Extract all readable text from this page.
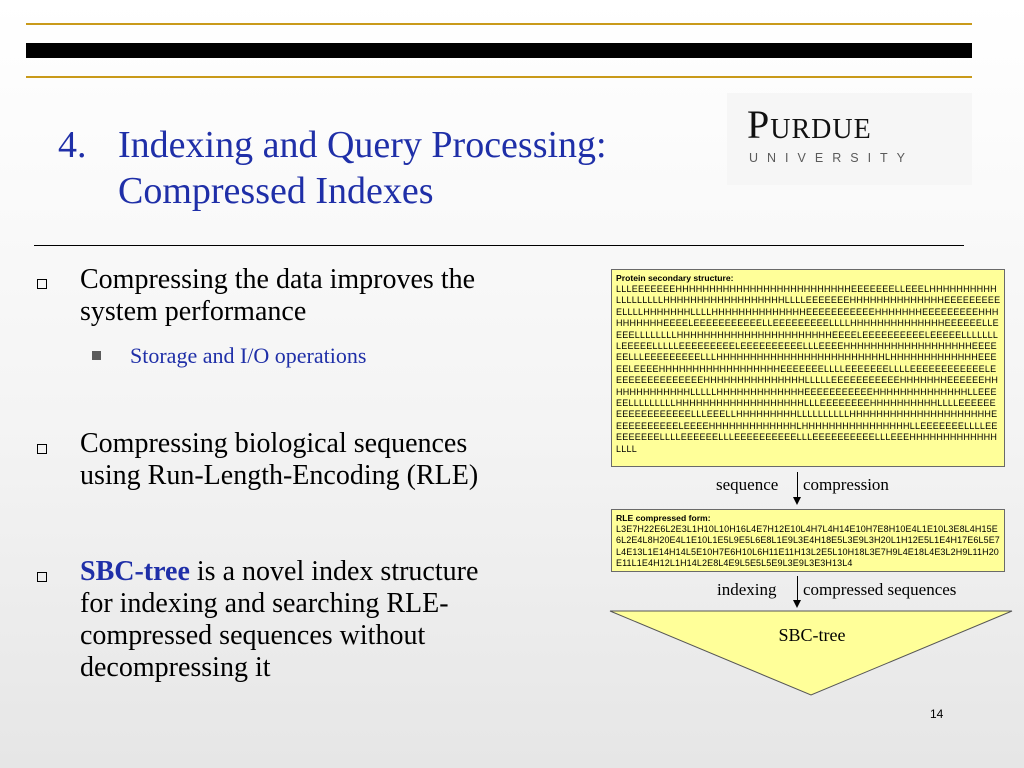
4. Indexing and Query Processing:
Compressed Indexes
Purdue
UNIVERSITY
Compressing the data improves the
system performance
Storage and I/O operations
Compressing biological sequences
using Run-Length-Encoding (RLE)
SBC-tree is a novel index structure
for indexing and searching RLE-
compressed sequences without
decompressing it
Protein secondary structure:
LLLEEEEEEEHHHHHHHHHHHHHHHHHHHHHHHHHHEEEEEEELLEEELHHHHHHHHHHLLLLLLLLLHHHHHHHHHHHHHHHHHHLLLLEEEEEEEHHHHHHHHHHHHHHEEEEEEEEEELLLLHHHHHHHLLLLHHHHHHHHHHHHHHEEEEEEEEEEEHHHHHHHEEEEEEEEEHHHHHHHHHHEEEELEEEEEEEEEEELLEEEEEEEEELLLLHHHHHHHHHHHHHHEEEEEELLEEEELLLLLLLLHHHHHHHHHHHHHHHHHHHHHHHEEEELEEEEEEEEEELEEEEELLLLLLLLEEEEELLLLLEEEEEEEEELEEEEEEEEEELLLEEEEHHHHHHHHHHHHHHHHHHHEEEEEELLLEEEEEEEEELLLHHHHHHHHHHHHHHHHHHHHHHHHHLHHHHHHHHHHHHHEEEEELEEEEHHHHHHHHHHHHHHHHHHEEEEEEELLLLEEEEEEELLLLEEEEEEEEEEEELEEEEEEEEEEEEEEEHHHHHHHHHHHHHHHLLLLLEEEEEEEEEEEHHHHHHHEEEEEEHHHHHHHHHHHHHLLLLLHHHHHHHHHHHHHEEEEEEEEEEEHHHHHHHHHHHHHHLLEEEEELLLLLLLLLHHHHHHHHHHHHHHHHHHHLLLEEEEEEEEHHHHHHHHHHLLLLEEEEEEEEEEEEEEEEEELLLEEELLHHHHHHHHHLLLLLLLLLLHHHHHHHHHHHHHHHHHHHHHEEEEEEEEEEELEEEEHHHHHHHHHHHHHLHHHHHHHHHHHHHHHHLLEEEEEEELLLLEEEEEEEEELLLLEEEEEELLLEEEEEEEEEELLLEEEEEEEEEELLLEEEHHHHHHHHHHHHHLLLL
sequence compression
RLE compressed form:
L3E7H22E6L2E3L1H10L10H16L4E7H12E10L4H7L4H14E10H7E8H10E4L1E10L3E8L4H15E6L2E4L8H20E4L1E10L1E5L9E5L6E8L1E9L3E4H18E5L3E9L3H20L1H12E5L1E4H17E6L5E7L4E13L1E14H14L5E10H7E6H10L6H11E11H13L2E5L10H18L3E7H9L4E18L4E3L2H9L11H20E11L1E4H12L1H14L2E8L4E9L5E5L5E9L3E9L3E3H13L4
indexing compressed sequences
SBC-tree
14
